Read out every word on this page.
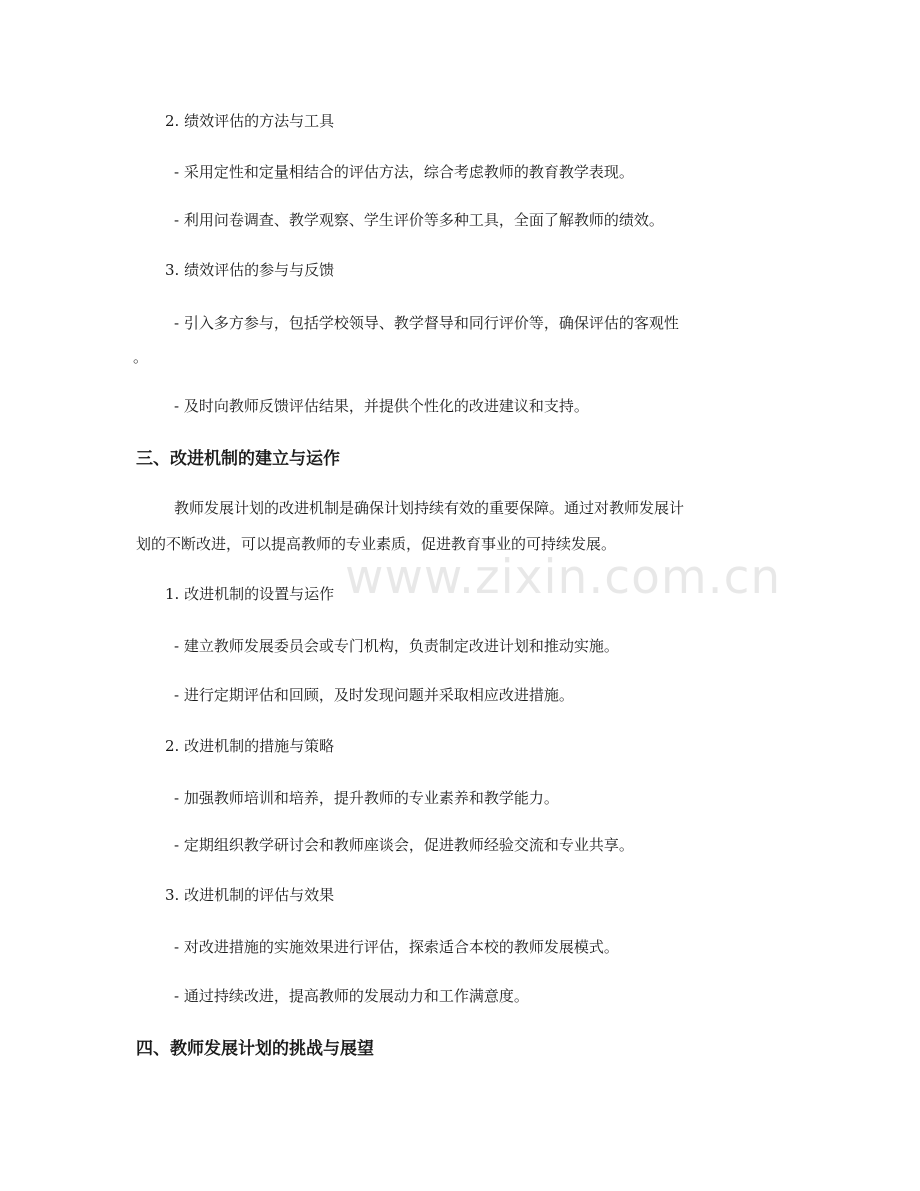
2. 绩效评估的方法与工具
- 采用定性和定量相结合的评估方法，综合考虑教师的教育教学表现。
- 利用问卷调查、教学观察、学生评价等多种工具，全面了解教师的绩效。
3. 绩效评估的参与与反馈
- 引入多方参与，包括学校领导、教学督导和同行评价等，确保评估的客观性
。
- 及时向教师反馈评估结果，并提供个性化的改进建议和支持。
三、改进机制的建立与运作
教师发展计划的改进机制是确保计划持续有效的重要保障。通过对教师发展计
划的不断改进，可以提高教师的专业素质，促进教育事业的可持续发展。
1. 改进机制的设置与运作
- 建立教师发展委员会或专门机构，负责制定改进计划和推动实施。
- 进行定期评估和回顾，及时发现问题并采取相应改进措施。
2. 改进机制的措施与策略
- 加强教师培训和培养，提升教师的专业素养和教学能力。
- 定期组织教学研讨会和教师座谈会，促进教师经验交流和专业共享。
3. 改进机制的评估与效果
- 对改进措施的实施效果进行评估，探索适合本校的教师发展模式。
- 通过持续改进，提高教师的发展动力和工作满意度。
四、教师发展计划的挑战与展望
www.zixin.com.cn
